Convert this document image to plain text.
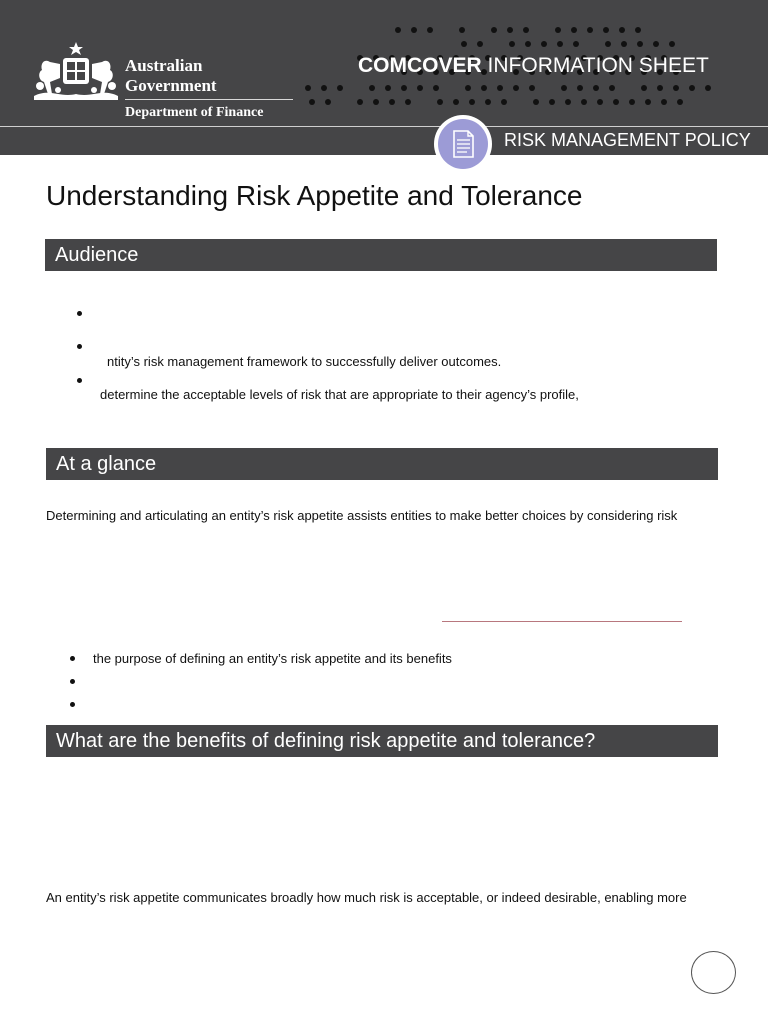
Australian Government
Department of Finance
COMCOVER INFORMATION SHEET
RISK MANAGEMENT POLICY
Understanding Risk Appetite and Tolerance
Audience
ntity’s risk management framework to successfully deliver outcomes.
determine the acceptable levels of risk that are appropriate to their agency’s profile,
At a glance
Determining and articulating an entity’s risk appetite assists entities to make better choices by considering risk
the purpose of defining an entity’s risk appetite and its benefits
What are the benefits of defining risk appetite and tolerance?
An entity’s risk appetite communicates broadly how much risk is acceptable, or indeed desirable, enabling more
